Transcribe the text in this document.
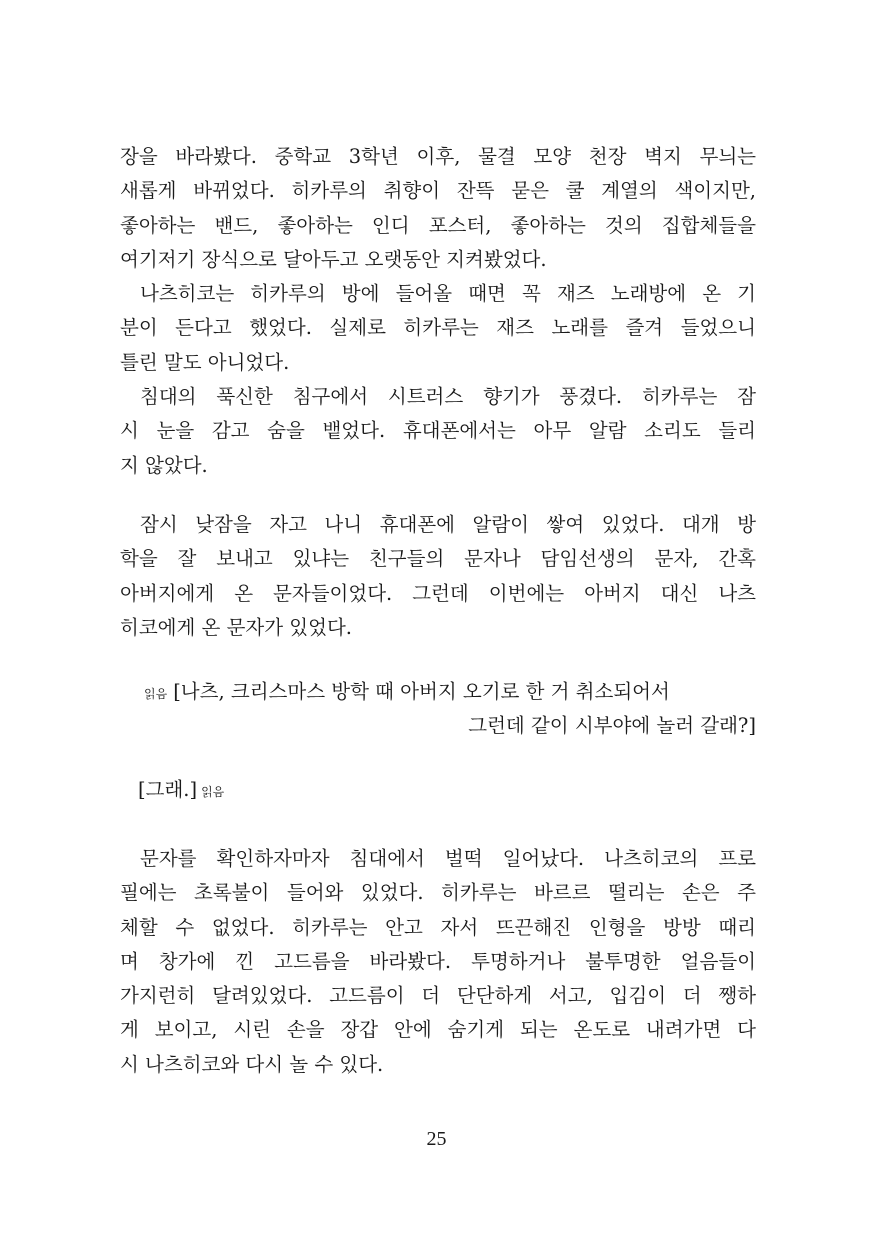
장을 바라봤다. 중학교 3학년 이후, 물결 모양 천장 벽지 무늬는
새롭게 바뀌었다. 히카루의 취향이 잔뜩 묻은 쿨 계열의 색이지만,
좋아하는 밴드, 좋아하는 인디 포스터, 좋아하는 것의 집합체들을
여기저기 장식으로 달아두고 오랫동안 지켜봤었다.
나츠히코는 히카루의 방에 들어올 때면 꼭 재즈 노래방에 온 기
분이 든다고 했었다. 실제로 히카루는 재즈 노래를 즐겨 들었으니
틀린 말도 아니었다.
침대의 푹신한 침구에서 시트러스 향기가 풍겼다. 히카루는 잠
시 눈을 감고 숨을 뱉었다. 휴대폰에서는 아무 알람 소리도 들리
지 않았다.
잠시 낮잠을 자고 나니 휴대폰에 알람이 쌓여 있었다. 대개 방
학을 잘 보내고 있냐는 친구들의 문자나 담임선생의 문자, 간혹
아버지에게 온 문자들이었다. 그런데 이번에는 아버지 대신 나츠
히코에게 온 문자가 있었다.
읽음 [나츠, 크리스마스 방학 때 아버지 오기로 한 거 취소되어서
그런데 같이 시부야에 놀러 갈래?]
[그래.] 읽음
문자를 확인하자마자 침대에서 벌떡 일어났다. 나츠히코의 프로
필에는 초록불이 들어와 있었다. 히카루는 바르르 떨리는 손은 주
체할 수 없었다. 히카루는 안고 자서 뜨끈해진 인형을 방방 때리
며 창가에 낀 고드름을 바라봤다. 투명하거나 불투명한 얼음들이
가지런히 달려있었다. 고드름이 더 단단하게 서고, 입김이 더 쨍하
게 보이고, 시린 손을 장갑 안에 숨기게 되는 온도로 내려가면 다
시 나츠히코와 다시 놀 수 있다.
25
